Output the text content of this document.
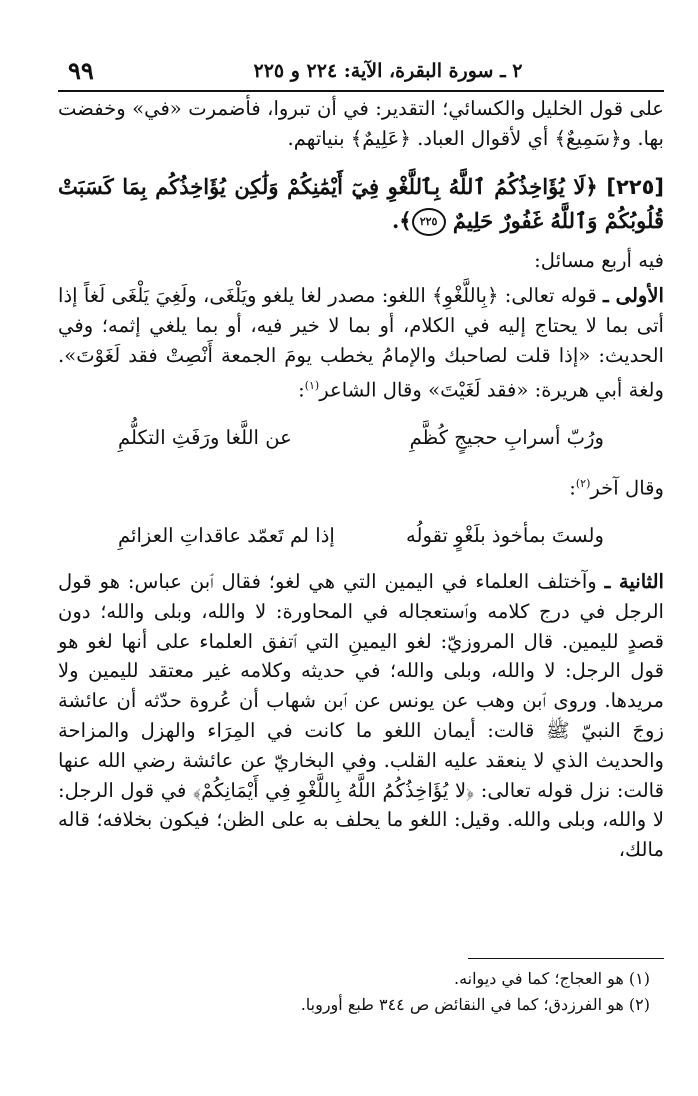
٩٩	٢ ـ سورة البقرة، الآية: ٢٢٤ و ٢٢٥

على قول الخليل والكسائي؛ التقدير: في أن تبروا، فأضمرت «في» وخفضت بها. و﴿سَمِيعٌ﴾ أي لأقوال العباد. ﴿عَلِيمٌ﴾ بنياتهم.

[٢٢٥] ﴿لَا يُؤَاخِذُكُمُ ٱللَّهُ بِٱللَّغْوِ فِيٓ أَيْمَٰنِكُمْ وَلَٰكِن يُؤَاخِذُكُم بِمَا كَسَبَتْ قُلُوبُكُمْ وَٱللَّهُ غَفُورٌ حَلِيمٌ ٢٢٥﴾.

فيه أربع مسائل:

الأولى ـ قوله تعالى: ﴿بِاللَّغْوِ﴾ اللغو: مصدر لغا يلغو ويَلْغَى، ولَغِيَ يَلْغَى لَغاً إذا أتى بما لا يحتاج إليه في الكلام، أو بما لا خير فيه، أو بما يلغي إثمه؛ وفي الحديث: «إذا قلت لصاحبك والإمامُ يخطب يومَ الجمعة أَنْصِتْ فقد لَغَوْتَ». ولغة أبي هريرة: «فقد لَغَيْتَ» وقال الشاعر$^{(١)}$:

ورُبّ أسرابِ حجيجٍ كُظَّمِ
عن اللَّغا ورَفَثِ التكلُّمِ

وقال آخر$^{(٢)}$:

ولستَ بمأخوذ بلَغْوٍ تقولُه
إذا لم تَعمّد عاقداتِ العزائمِ

الثانية ـ وآختلف العلماء في اليمين التي هي لغو؛ فقال ٱبن عباس: هو قول الرجل في درج كلامه وٱستعجاله في المحاورة: لا والله، وبلى والله؛ دون قصدٍ لليمين. قال المروزيّ: لغو اليمينِ التي ٱتفق العلماء على أنها لغو هو قول الرجل: لا والله، وبلى والله؛ في حديثه وكلامه غير معتقد لليمين ولا مريدها. وروى ٱبن وهب عن يونس عن ٱبن شهاب أن عُروة حدّثه أن عائشة زوجَ النبيّ ﷺ قالت: أيمان اللغو ما كانت في المِرَاء والهزل والمزاحة والحديث الذي لا ينعقد عليه القلب. وفي البخاريّ عن عائشة رضي الله عنها قالت: نزل قوله تعالى: ﴿لا يُؤَاخِذُكُمُ اللَّهُ بِاللَّغْوِ فِي أَيْمَانِكُمْ﴾ في قول الرجل: لا والله، وبلى والله. وقيل: اللغو ما يحلف به على الظن؛ فيكون بخلافه؛ قاله مالك،

(١) هو العجاج؛ كما في ديوانه.
(٢) هو الفرزدق؛ كما في النقائض ص ٣٤٤ طبع أوروبا.
